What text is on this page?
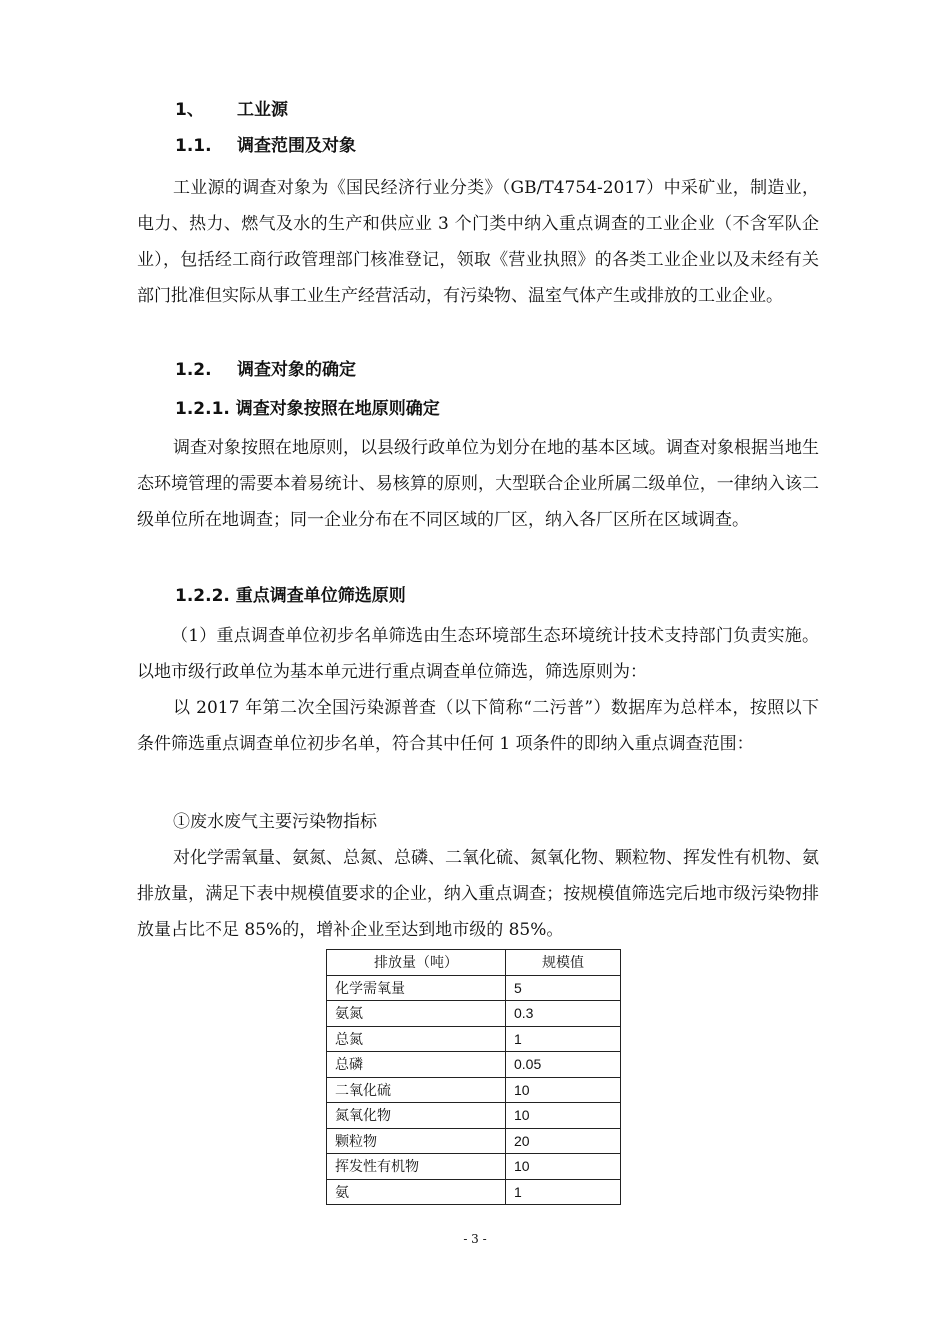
1、 工业源
1.1. 调查范围及对象

工业源的调查对象为《国民经济行业分类》（GB/T4754-2017）中采矿业，制造业，电力、热力、燃气及水的生产和供应业 3 个门类中纳入重点调查的工业企业（不含军队企业），包括经工商行政管理部门核准登记，领取《营业执照》的各类工业企业以及未经有关部门批准但实际从事工业生产经营活动，有污染物、温室气体产生或排放的工业企业。

1.2. 调查对象的确定
1.2.1. 调查对象按照在地原则确定

调查对象按照在地原则，以县级行政单位为划分在地的基本区域。调查对象根据当地生态环境管理的需要本着易统计、易核算的原则，大型联合企业所属二级单位，一律纳入该二级单位所在地调查；同一企业分布在不同区域的厂区，纳入各厂区所在区域调查。

1.2.2. 重点调查单位筛选原则

（1）重点调查单位初步名单筛选由生态环境部生态环境统计技术支持部门负责实施。以地市级行政单位为基本单元进行重点调查单位筛选，筛选原则为：

以 2017 年第二次全国污染源普查（以下简称“二污普”）数据库为总样本，按照以下条件筛选重点调查单位初步名单，符合其中任何 1 项条件的即纳入重点调查范围：

①废水废气主要污染物指标

对化学需氧量、氨氮、总氮、总磷、二氧化硫、氮氧化物、颗粒物、挥发性有机物、氨排放量，满足下表中规模值要求的企业，纳入重点调查；按规模值筛选完后地市级污染物排放量占比不足 85%的，增补企业至达到地市级的 85%。

排放量（吨）	规模值
化学需氧量	5
氨氮	0.3
总氮	1
总磷	0.05
二氧化硫	10
氮氧化物	10
颗粒物	20
挥发性有机物	10
氨	1
- 3 -
